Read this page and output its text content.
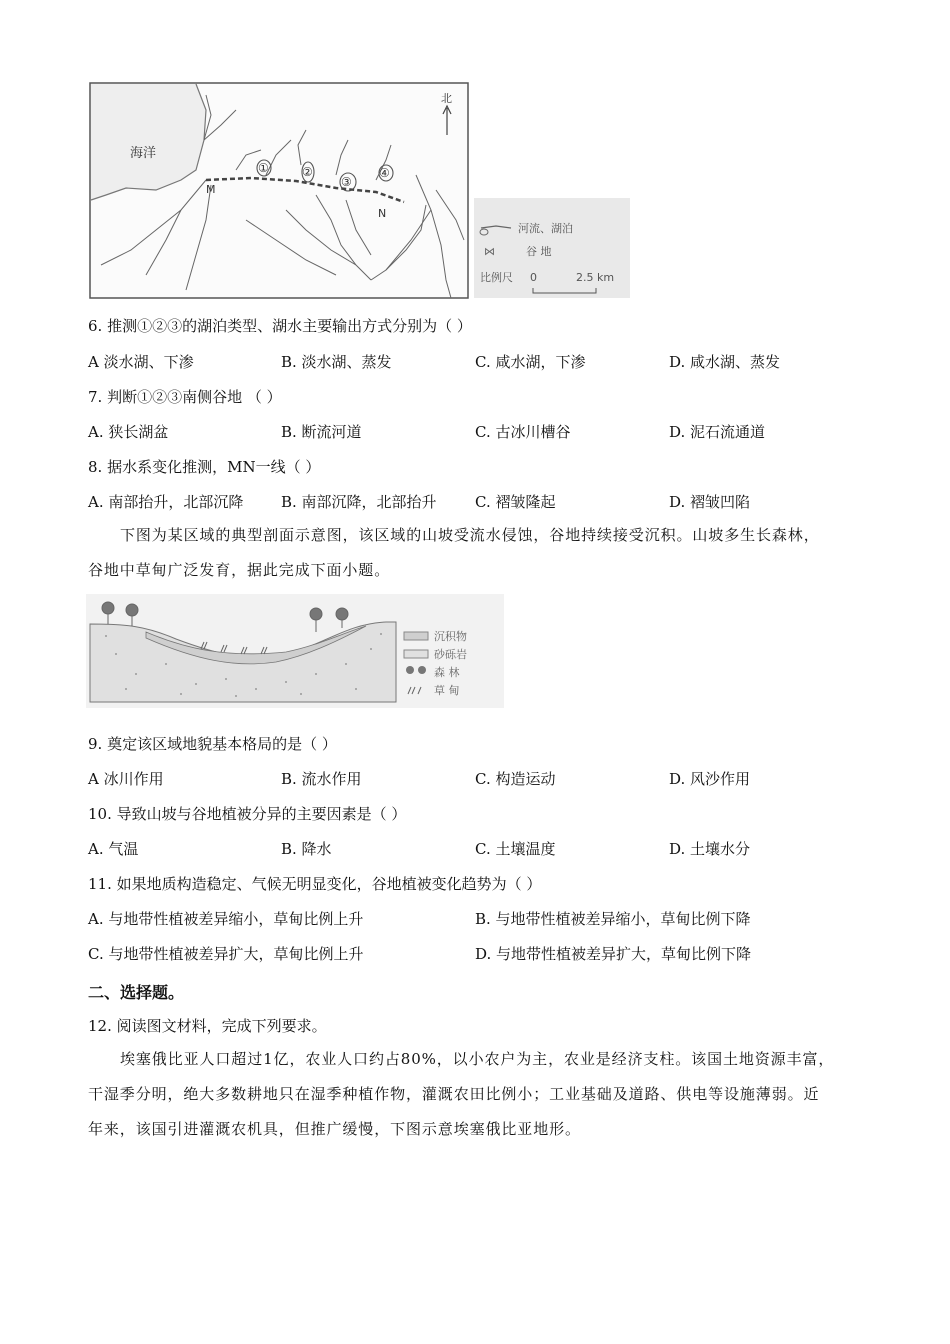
海洋
M
N
①	②
③
④
北
河流、湖泊
⋈	谷 地
比例尺 0	2.5 km
6. 推测①②③的湖泊类型、湖水主要输出方式分别为（ ）
A 淡水湖、下渗	B. 淡水湖、蒸发	C. 咸水湖，下渗	D. 咸水湖、蒸发
7. 判断①②③南侧谷地 （ ）
A. 狭长湖盆	B. 断流河道	C. 古冰川槽谷	D. 泥石流通道
8. 据水系变化推测，MN一线（ ）
A. 南部抬升，北部沉降	B. 南部沉降，北部抬升	C. 褶皱隆起	D. 褶皱凹陷
下图为某区域的典型剖面示意图，该区域的山坡受流水侵蚀，谷地持续接受沉积。山坡多生长森林，
谷地中草甸广泛发育，据此完成下面小题。
沉积物
砂砾岩
森 林
草 甸
9. 奠定该区域地貌基本格局的是（ ）
A 冰川作用	B. 流水作用	C. 构造运动	D. 风沙作用
10. 导致山坡与谷地植被分异的主要因素是（ ）
A. 气温	B. 降水	C. 土壤温度	D. 土壤水分
11. 如果地质构造稳定、气候无明显变化，谷地植被变化趋势为（ ）
A. 与地带性植被差异缩小，草甸比例上升	B. 与地带性植被差异缩小，草甸比例下降
C. 与地带性植被差异扩大，草甸比例上升	D. 与地带性植被差异扩大，草甸比例下降
二、选择题。
12. 阅读图文材料，完成下列要求。
埃塞俄比亚人口超过1亿，农业人口约占80%，以小农户为主，农业是经济支柱。该国土地资源丰富，
干湿季分明，绝大多数耕地只在湿季种植作物，灌溉农田比例小；工业基础及道路、供电等设施薄弱。近
年来，该国引进灌溉农机具，但推广缓慢，下图示意埃塞俄比亚地形。
